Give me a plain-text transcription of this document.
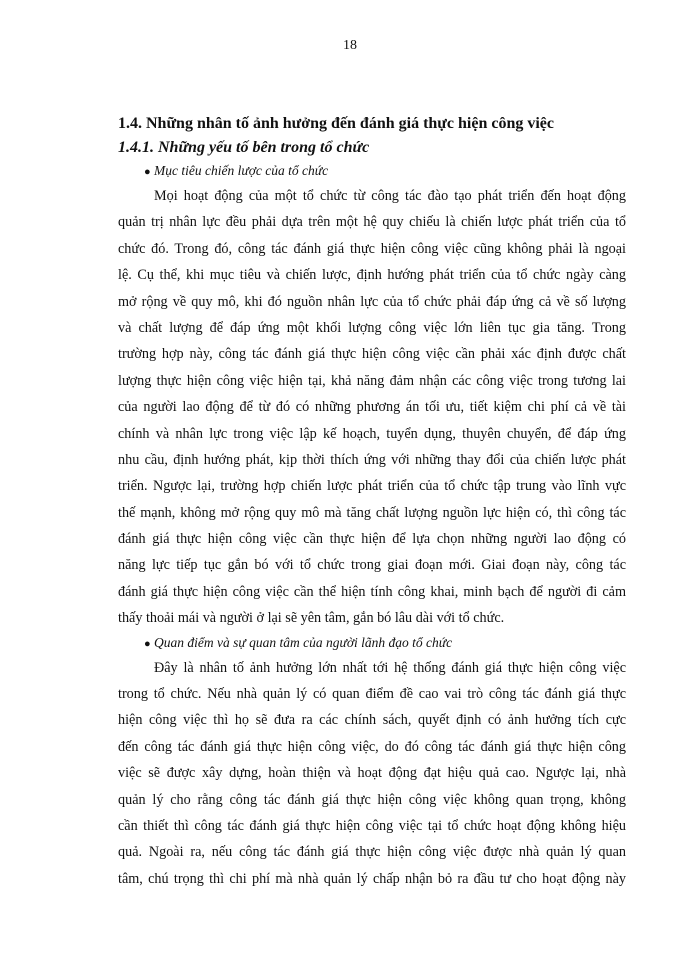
18
1.4. Những nhân tố ảnh hưởng đến đánh giá thực hiện công việc
1.4.1. Những yếu tố bên trong tổ chức
● Mục tiêu chiến lược của tổ chức
Mọi hoạt động của một tổ chức từ công tác đào tạo phát triển đến hoạt động
quản trị nhân lực đều phải dựa trên một hệ quy chiếu là chiến lược phát triển của tổ
chức đó. Trong đó, công tác đánh giá thực hiện công việc cũng không phải là ngoại
lệ. Cụ thể, khi mục tiêu và chiến lược, định hướng phát triển của tổ chức ngày càng
mở rộng về quy mô, khi đó nguồn nhân lực của tổ chức phải đáp ứng cả về số lượng
và chất lượng để đáp ứng một khối lượng công việc lớn liên tục gia tăng. Trong
trường hợp này, công tác đánh giá thực hiện công việc cần phải xác định được chất
lượng thực hiện công việc hiện tại, khả năng đảm nhận các công việc trong tương lai
của người lao động để từ đó có những phương án tối ưu, tiết kiệm chi phí cả về tài
chính và nhân lực trong việc lập kế hoạch, tuyển dụng, thuyên chuyển, để đáp ứng
nhu cầu, định hướng phát, kịp thời thích ứng với những thay đổi của chiến lược phát
triển. Ngược lại, trường hợp chiến lược phát triển của tổ chức tập trung vào lĩnh vực
thế mạnh, không mở rộng quy mô mà tăng chất lượng nguồn lực hiện có, thì công tác
đánh giá thực hiện công việc cần thực hiện để lựa chọn những người lao động có
năng lực tiếp tục gắn bó với tổ chức trong giai đoạn mới. Giai đoạn này, công tác
đánh giá thực hiện công việc cần thể hiện tính công khai, minh bạch để người đi cảm
thấy thoải mái và người ở lại sẽ yên tâm, gắn bó lâu dài với tổ chức.
● Quan điểm và sự quan tâm của người lãnh đạo tổ chức
Đây là nhân tố ảnh hưởng lớn nhất tới hệ thống đánh giá thực hiện công việc
trong tổ chức. Nếu nhà quản lý có quan điểm đề cao vai trò công tác đánh giá thực
hiện công việc thì họ sẽ đưa ra các chính sách, quyết định có ảnh hưởng tích cực
đến công tác đánh giá thực hiện công việc, do đó công tác đánh giá thực hiện công
việc sẽ được xây dựng, hoàn thiện và hoạt động đạt hiệu quả cao. Ngược lại, nhà
quản lý cho rằng công tác đánh giá thực hiện công việc không quan trọng, không
cần thiết thì công tác đánh giá thực hiện công việc tại tổ chức hoạt động không hiệu
quả. Ngoài ra, nếu công tác đánh giá thực hiện công việc được nhà quản lý quan
tâm, chú trọng thì chi phí mà nhà quản lý chấp nhận bỏ ra đầu tư cho hoạt động này
